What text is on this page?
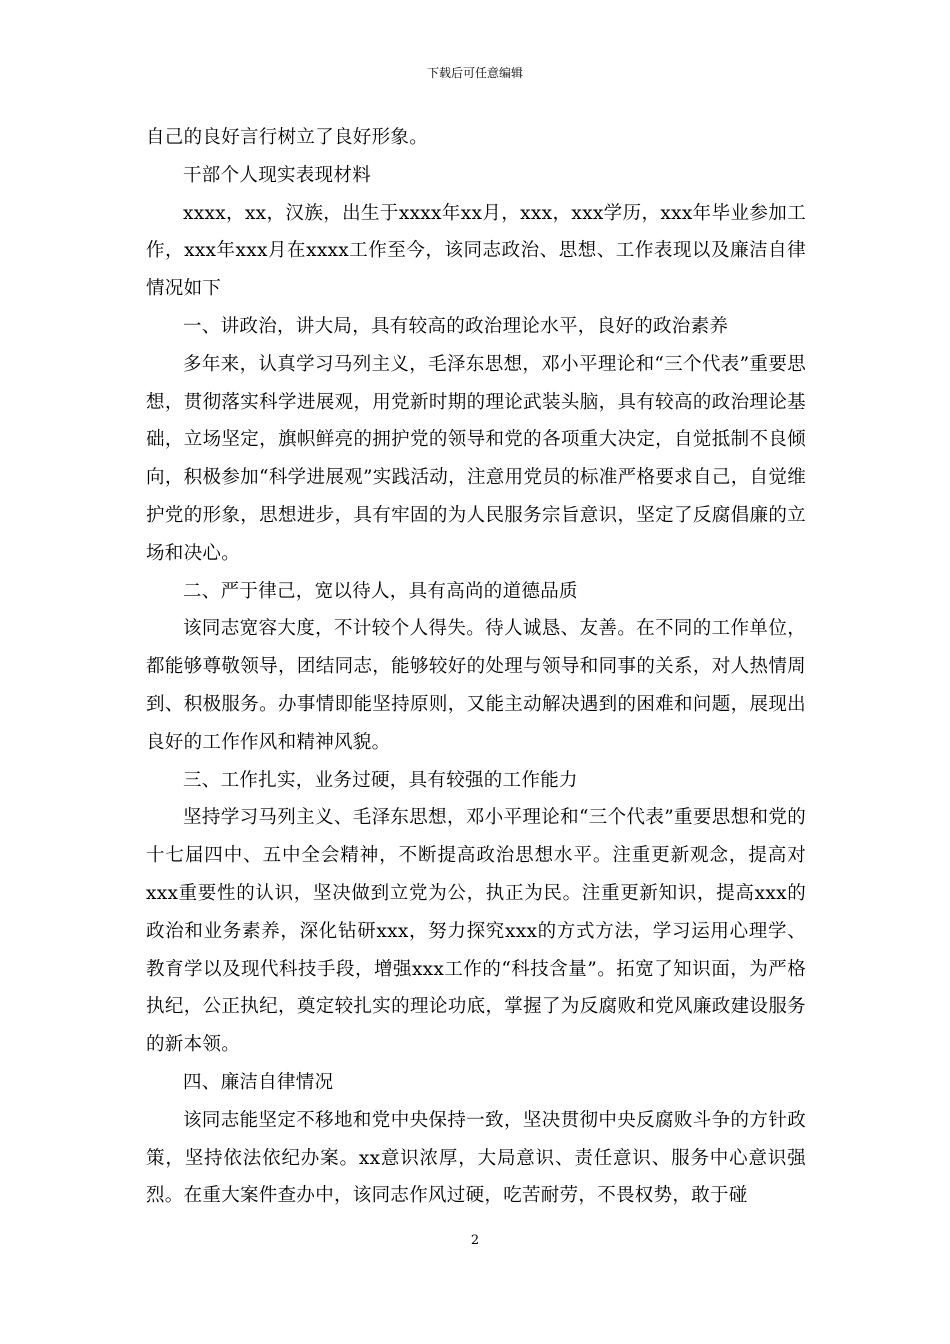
下载后可任意编辑

自己的良好言行树立了良好形象。

干部个人现实表现材料

xxxx，xx，汉族，出生于xxxx年xx月，xxx，xxx学历，xxx年毕业参加工作，xxx年xxx月在xxxx工作至今，该同志政治、思想、工作表现以及廉洁自律情况如下

一、讲政治，讲大局，具有较高的政治理论水平，良好的政治素养

多年来，认真学习马列主义，毛泽东思想，邓小平理论和“三个代表”重要思想，贯彻落实科学进展观，用党新时期的理论武装头脑，具有较高的政治理论基础，立场坚定，旗帜鲜亮的拥护党的领导和党的各项重大决定，自觉抵制不良倾向，积极参加“科学进展观”实践活动，注意用党员的标准严格要求自己，自觉维护党的形象，思想进步，具有牢固的为人民服务宗旨意识，坚定了反腐倡廉的立场和决心。

二、严于律己，宽以待人，具有高尚的道德品质

该同志宽容大度，不计较个人得失。待人诚恳、友善。在不同的工作单位，都能够尊敬领导，团结同志，能够较好的处理与领导和同事的关系，对人热情周到、积极服务。办事情即能坚持原则，又能主动解决遇到的困难和问题，展现出良好的工作作风和精神风貌。

三、工作扎实，业务过硬，具有较强的工作能力

坚持学习马列主义、毛泽东思想，邓小平理论和“三个代表”重要思想和党的十七届四中、五中全会精神，不断提高政治思想水平。注重更新观念，提高对xxx重要性的认识，坚决做到立党为公，执正为民。注重更新知识，提高xxx的政治和业务素养，深化钻研xxx，努力探究xxx的方式方法，学习运用心理学、教育学以及现代科技手段，增强xxx工作的“科技含量”。拓宽了知识面，为严格执纪，公正执纪，奠定较扎实的理论功底，掌握了为反腐败和党风廉政建设服务的新本领。

四、廉洁自律情况

该同志能坚定不移地和党中央保持一致，坚决贯彻中央反腐败斗争的方针政策，坚持依法依纪办案。xx意识浓厚，大局意识、责任意识、服务中心意识强烈。在重大案件查办中，该同志作风过硬，吃苦耐劳，不畏权势，敢于碰

2
